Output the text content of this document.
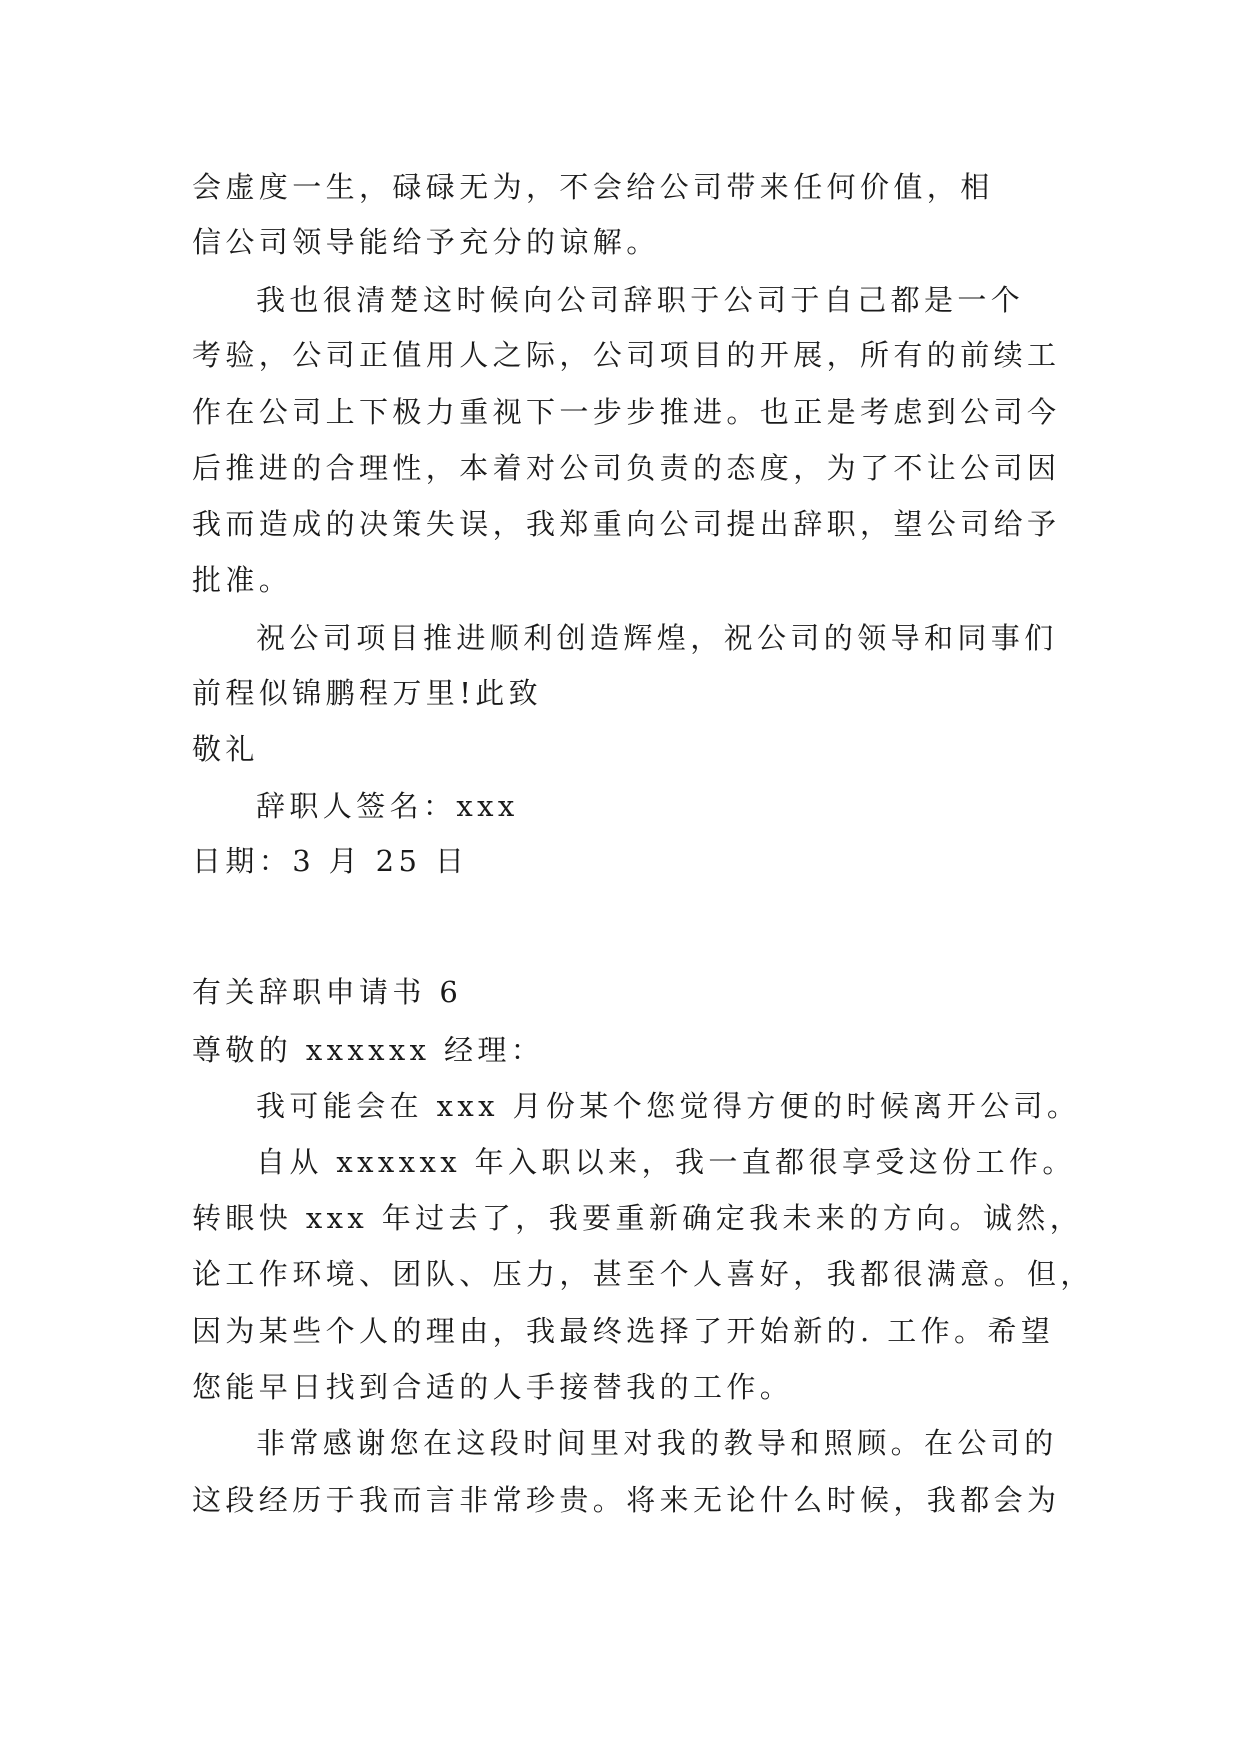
会虚度一生，碌碌无为，不会给公司带来任何价值，相
信公司领导能给予充分的谅解。
我也很清楚这时候向公司辞职于公司于自己都是一个
考验，公司正值用人之际，公司项目的开展，所有的前续工
作在公司上下极力重视下一步步推进。也正是考虑到公司今
后推进的合理性，本着对公司负责的态度，为了不让公司因
我而造成的决策失误，我郑重向公司提出辞职，望公司给予
批准。
祝公司项目推进顺利创造辉煌，祝公司的领导和同事们
前程似锦鹏程万里!此致
敬礼
辞职人签名：xxx
日期：3 月 25 日
有关辞职申请书 6
尊敬的 xxxxxx 经理：
我可能会在 xxx 月份某个您觉得方便的时候离开公司。
自从 xxxxxx 年入职以来，我一直都很享受这份工作。
转眼快 xxx 年过去了，我要重新确定我未来的方向。诚然，
论工作环境、团队、压力，甚至个人喜好，我都很满意。但，
因为某些个人的理由，我最终选择了开始新的. 工作。希望
您能早日找到合适的人手接替我的工作。
非常感谢您在这段时间里对我的教导和照顾。在公司的
这段经历于我而言非常珍贵。将来无论什么时候，我都会为
